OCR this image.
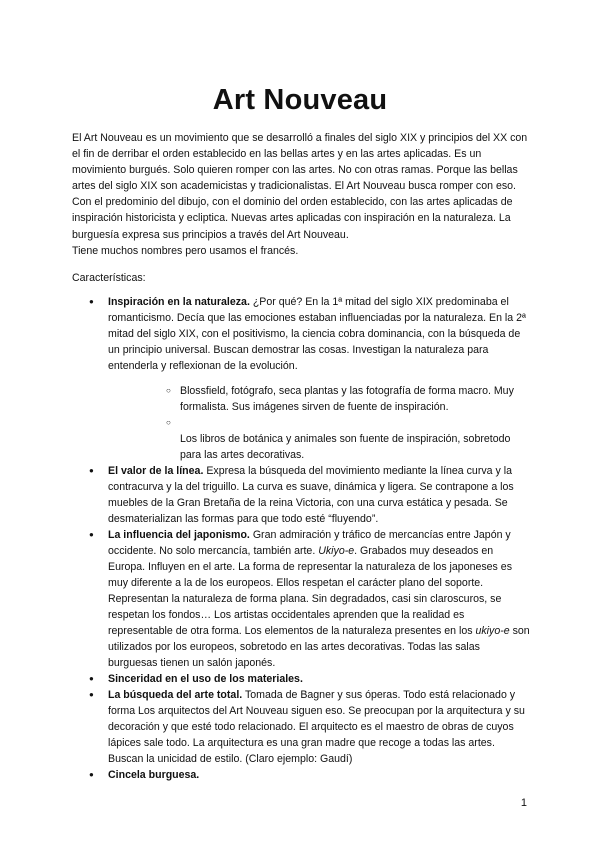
Art Nouveau

El Art Nouveau es un movimiento que se desarrolló a finales del siglo XIX y principios del XX con el fin de derribar el orden establecido en las bellas artes y en las artes aplicadas. Es un movimiento burgués. Solo quieren romper con las artes. No con otras ramas. Porque las bellas artes del siglo XIX son academicistas y tradicionalistas. El Art Nouveau busca romper con eso. Con el predominio del dibujo, con el dominio del orden establecido, con las artes aplicadas de inspiración historicista y ecliptica. Nuevas artes aplicadas con inspiración en la naturaleza. La burguesía expresa sus principios a través del Art Nouveau.

Tiene muchos nombres pero usamos el francés.

Características:

● Inspiración en la naturaleza. ¿Por qué? En la 1ª mitad del siglo XIX predominaba el romanticismo. Decía que las emociones estaban influenciadas por la naturaleza. En la 2ª mitad del siglo XIX, con el positivismo, la ciencia cobra dominancia, con la búsqueda de un principio universal. Buscan demostrar las cosas. Investigan la naturaleza para entenderla y reflexionan de la evolución.
○ Blossfield, fotógrafo, seca plantas y las fotografía de forma macro. Muy formalista. Sus imágenes sirven de fuente de inspiración.
○
Los libros de botánica y animales son fuente de inspiración, sobretodo para las artes decorativas.
● El valor de la línea. Expresa la búsqueda del movimiento mediante la línea curva y la contracurva y la del triguillo. La curva es suave, dinámica y ligera. Se contrapone a los muebles de la Gran Bretaña de la reina Victoria, con una curva estática y pesada. Se desmaterializan las formas para que todo esté “fluyendo”.
● La influencia del japonismo. Gran admiración y tráfico de mercancías entre Japón y occidente. No solo mercancía, también arte. Ukiyo-e. Grabados muy deseados en Europa. Influyen en el arte. La forma de representar la naturaleza de los japoneses es muy diferente a la de los europeos. Ellos respetan el carácter plano del soporte. Representan la naturaleza de forma plana. Sin degradados, casi sin claroscuros, se respetan los fondos… Los artistas occidentales aprenden que la realidad es representable de otra forma. Los elementos de la naturaleza presentes en los ukiyo-e son utilizados por los europeos, sobretodo en las artes decorativas. Todas las salas burguesas tienen un salón japonés.
● Sinceridad en el uso de los materiales.
● La búsqueda del arte total. Tomada de Bagner y sus óperas. Todo está relacionado y forma Los arquitectos del Art Nouveau siguen eso. Se preocupan por la arquitectura y su decoración y que esté todo relacionado. El arquitecto es el maestro de obras de cuyos lápices sale todo. La arquitectura es una gran madre que recoge a todas las artes. Buscan la unicidad de estilo. (Claro ejemplo: Gaudí)
● Cincela burguesa.
1
